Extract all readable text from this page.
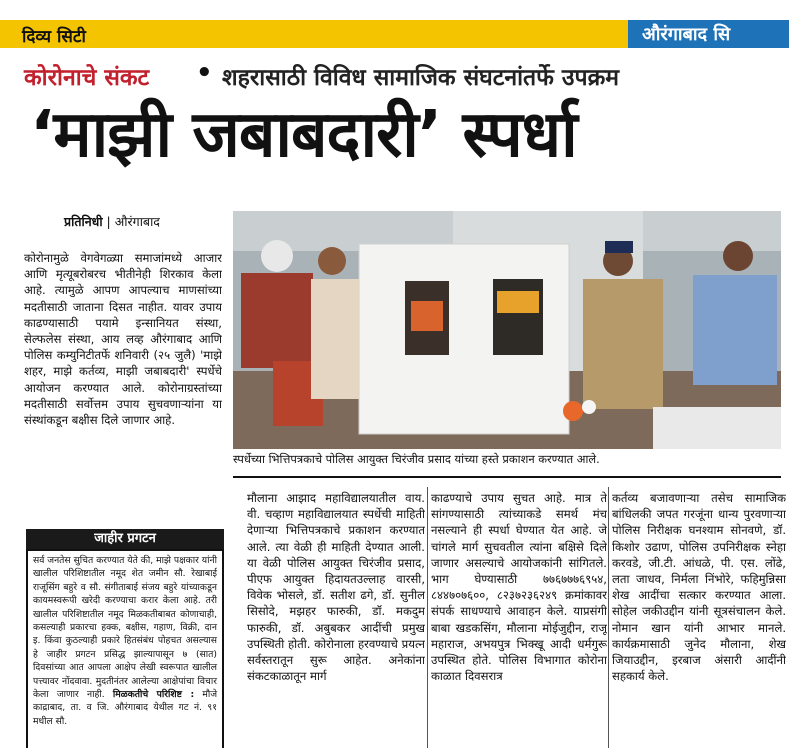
दिव्य सिटी	औरंगाबाद सि
कोरोनाचे संकट • शहरासाठी विविध सामाजिक संघटनांतर्फे उपक्रम
‘माझी जबाबदारी’ स्पर्धा
प्रतिनिधी | औरंगाबाद
कोरोनामुळे वेगवेगळ्या समाजांमध्ये आजार आणि मृत्यूबरोबरच भीतीनेही शिरकाव केला आहे. त्यामुळे आपण आपल्याच माणसांच्या मदतीसाठी जाताना दिसत नाहीत. यावर उपाय काढण्यासाठी पयामे इन्सानियत संस्था, सेल्फलेस संस्था, आय लव्ह औरंगाबाद आणि पोलिस कम्युनिटीतर्फे शनिवारी (२५ जुलै) 'माझे शहर, माझे कर्तव्य, माझी जबाबदारी' स्पर्धेचे आयोजन करण्यात आले. कोरोनाग्रस्तांच्या मदतीसाठी सर्वोत्तम उपाय सुचवणाऱ्यांना या संस्थांकडून बक्षीस दिले जाणार आहे.
स्पर्धेच्या भित्तिपत्रकाचे पोलिस आयुक्त चिरंजीव प्रसाद यांच्या हस्ते प्रकाशन करण्यात आले.
जाहीर प्रगटन
सर्व जनतेस सुचित करण्यात येते की, माझे पक्षकार यांनी खालील परिशिष्टातील नमूद शेत जमीन सौ. रेखाबाई राजूसिंग बहुरे व सौ. संगीताबाई संजय बहुरे यांच्याकडून कायमस्वरूपी खरेदी करण्याचा करार केला आहे. तरी खालील परिशिष्टातील नमूद मिळकतीबाबत कोणाचाही, कसल्याही प्रकारचा हक्क, बक्षीस, गहाण, विक्री, दान इ. किंवा कुठल्याही प्रकारे हितसंबंध पोहचत असल्यास हे जाहीर प्रगटन प्रसिद्ध झाल्यापासून ७ (सात) दिवसांच्या आत आपला आक्षेप लेखी स्वरूपात खालील पत्त्यावर नोंदवावा. मुदतीनंतर आलेल्या आक्षेपांचा विचार केला जाणार नाही. मिळकतीचे परिशिष्ट : मौजे काद्राबाद, ता. व जि. औरंगाबाद येथील गट नं. ९१ मधील सौ.
मौलाना आझाद महाविद्यालयातील वाय. वी. चव्हाण महाविद्यालयात स्पर्धेची माहिती देणाऱ्या भित्तिपत्रकाचे प्रकाशन करण्यात आले. त्या वेळी ही माहिती देण्यात आली. या वेळी पोलिस आयुक्त चिरंजीव प्रसाद, पीएफ आयुक्त हिदायतउल्लाह वारसी, विवेक भोसले, डॉ. सतीश ढगे, डॉ. सुनील सिसोदे, मझहर फारुकी, डॉ. मकदुम फारुकी, डॉ. अबुबकर आदींची प्रमुख उपस्थिती होती. कोरोनाला हरवण्याचे प्रयत्न सर्वस्तरातून सुरू आहेत. अनेकांना संकटकाळातून मार्ग
काढण्याचे उपाय सुचत आहे. मात्र ते सांगण्यासाठी त्यांच्याकडे समर्थ मंच नसल्याने ही स्पर्धा घेण्यात येत आहे. जे चांगले मार्ग सुचवतील त्यांना बक्षिसे दिले जाणार असल्याचे आयोजकांनी सांगितले. भाग घेण्यासाठी ७७६७७७६९५४, ८४४७०७६००, ८२३७२३६२४९ क्रमांकावर संपर्क साधण्याचे आवाहन केले. याप्रसंगी बाबा खडकसिंग, मौलाना मोईजुद्दीन, राजू महाराज, अभयपुत्र भिक्खू आदी धर्मगुरू उपस्थित होते. पोलिस विभागात कोरोना काळात दिवसरात्र
कर्तव्य बजावणाऱ्या तसेच सामाजिक बांधिलकी जपत गरजूंना धान्य पुरवणाऱ्या पोलिस निरीक्षक घनश्याम सोनवणे, डॉ. किशोर उढाण, पोलिस उपनिरीक्षक स्नेहा करवडे, जी.टी. आंधळे, पी. एस. लोंढे, लता जाधव, निर्मला निंभोरे, फहिमुन्निसा शेख आदींचा सत्कार करण्यात आला. सोहेल जकीउद्दीन यांनी सूत्रसंचालन केले. नोमान खान यांनी आभार मानले. कार्यक्रमासाठी जुनेद मौलाना, शेख जियाउद्दीन, इरबाज अंसारी आदींनी सहकार्य केले.
